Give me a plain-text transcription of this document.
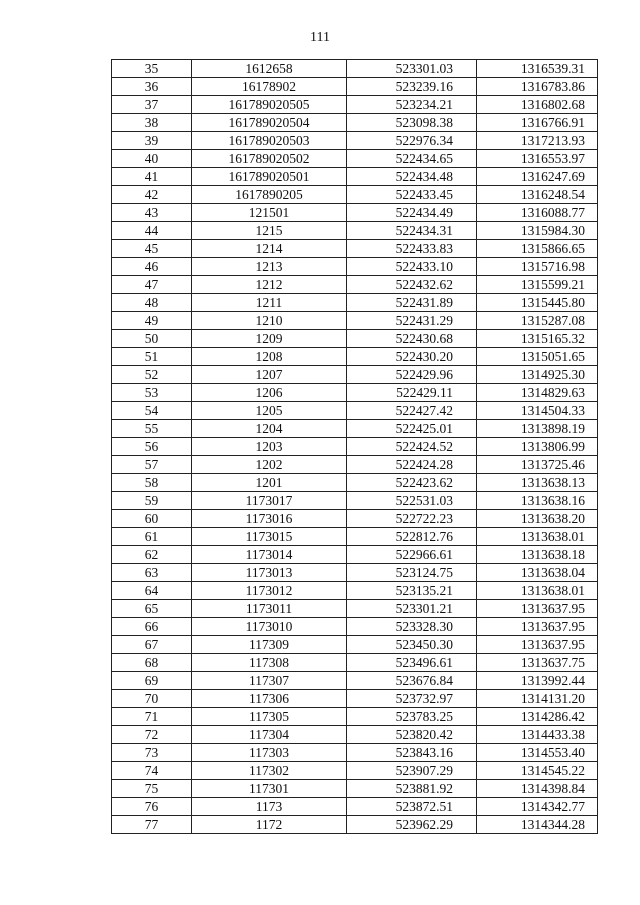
111
35	1612658	523301.03	1316539.31
36	16178902	523239.16	1316783.86
37	161789020505	523234.21	1316802.68
38	161789020504	523098.38	1316766.91
39	161789020503	522976.34	1317213.93
40	161789020502	522434.65	1316553.97
41	161789020501	522434.48	1316247.69
42	1617890205	522433.45	1316248.54
43	121501	522434.49	1316088.77
44	1215	522434.31	1315984.30
45	1214	522433.83	1315866.65
46	1213	522433.10	1315716.98
47	1212	522432.62	1315599.21
48	1211	522431.89	1315445.80
49	1210	522431.29	1315287.08
50	1209	522430.68	1315165.32
51	1208	522430.20	1315051.65
52	1207	522429.96	1314925.30
53	1206	522429.11	1314829.63
54	1205	522427.42	1314504.33
55	1204	522425.01	1313898.19
56	1203	522424.52	1313806.99
57	1202	522424.28	1313725.46
58	1201	522423.62	1313638.13
59	1173017	522531.03	1313638.16
60	1173016	522722.23	1313638.20
61	1173015	522812.76	1313638.01
62	1173014	522966.61	1313638.18
63	1173013	523124.75	1313638.04
64	1173012	523135.21	1313638.01
65	1173011	523301.21	1313637.95
66	1173010	523328.30	1313637.95
67	117309	523450.30	1313637.95
68	117308	523496.61	1313637.75
69	117307	523676.84	1313992.44
70	117306	523732.97	1314131.20
71	117305	523783.25	1314286.42
72	117304	523820.42	1314433.38
73	117303	523843.16	1314553.40
74	117302	523907.29	1314545.22
75	117301	523881.92	1314398.84
76	1173	523872.51	1314342.77
77	1172	523962.29	1314344.28
